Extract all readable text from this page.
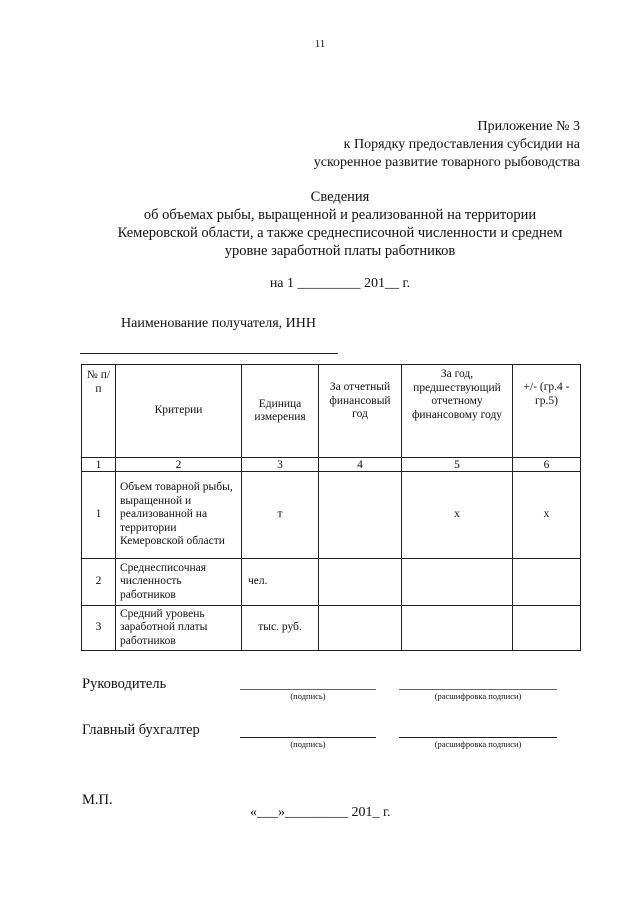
11
Приложение № 3
к Порядку предоставления субсидии на
ускоренное развитие товарного рыбоводства
Сведения
об объемах рыбы, выращенной и реализованной на территории
Кемеровской области, а также среднесписочной численности и среднем
уровне заработной платы работников
на 1 _________ 201__ г.
Наименование получателя, ИНН
№ п/п	Критерии	Единица измерения	За отчетный финансовый год	За год, предшествующий отчетному финансовому году	+/- (гр.4 - гр.5)
1	2	3	4	5	6
1	Объем товарной рыбы, выращенной и реализованной на территории Кемеровской области	т		х	х
2	Среднесписочная численность работников	чел.			
3	Средний уровень заработной платы работников	тыс. руб.			
Руководитель
(подпись)	(расшифровка подписи)
Главный бухгалтер
(подпись)	(расшифровка подписи)
М.П.
«___»_________ 201_ г.
